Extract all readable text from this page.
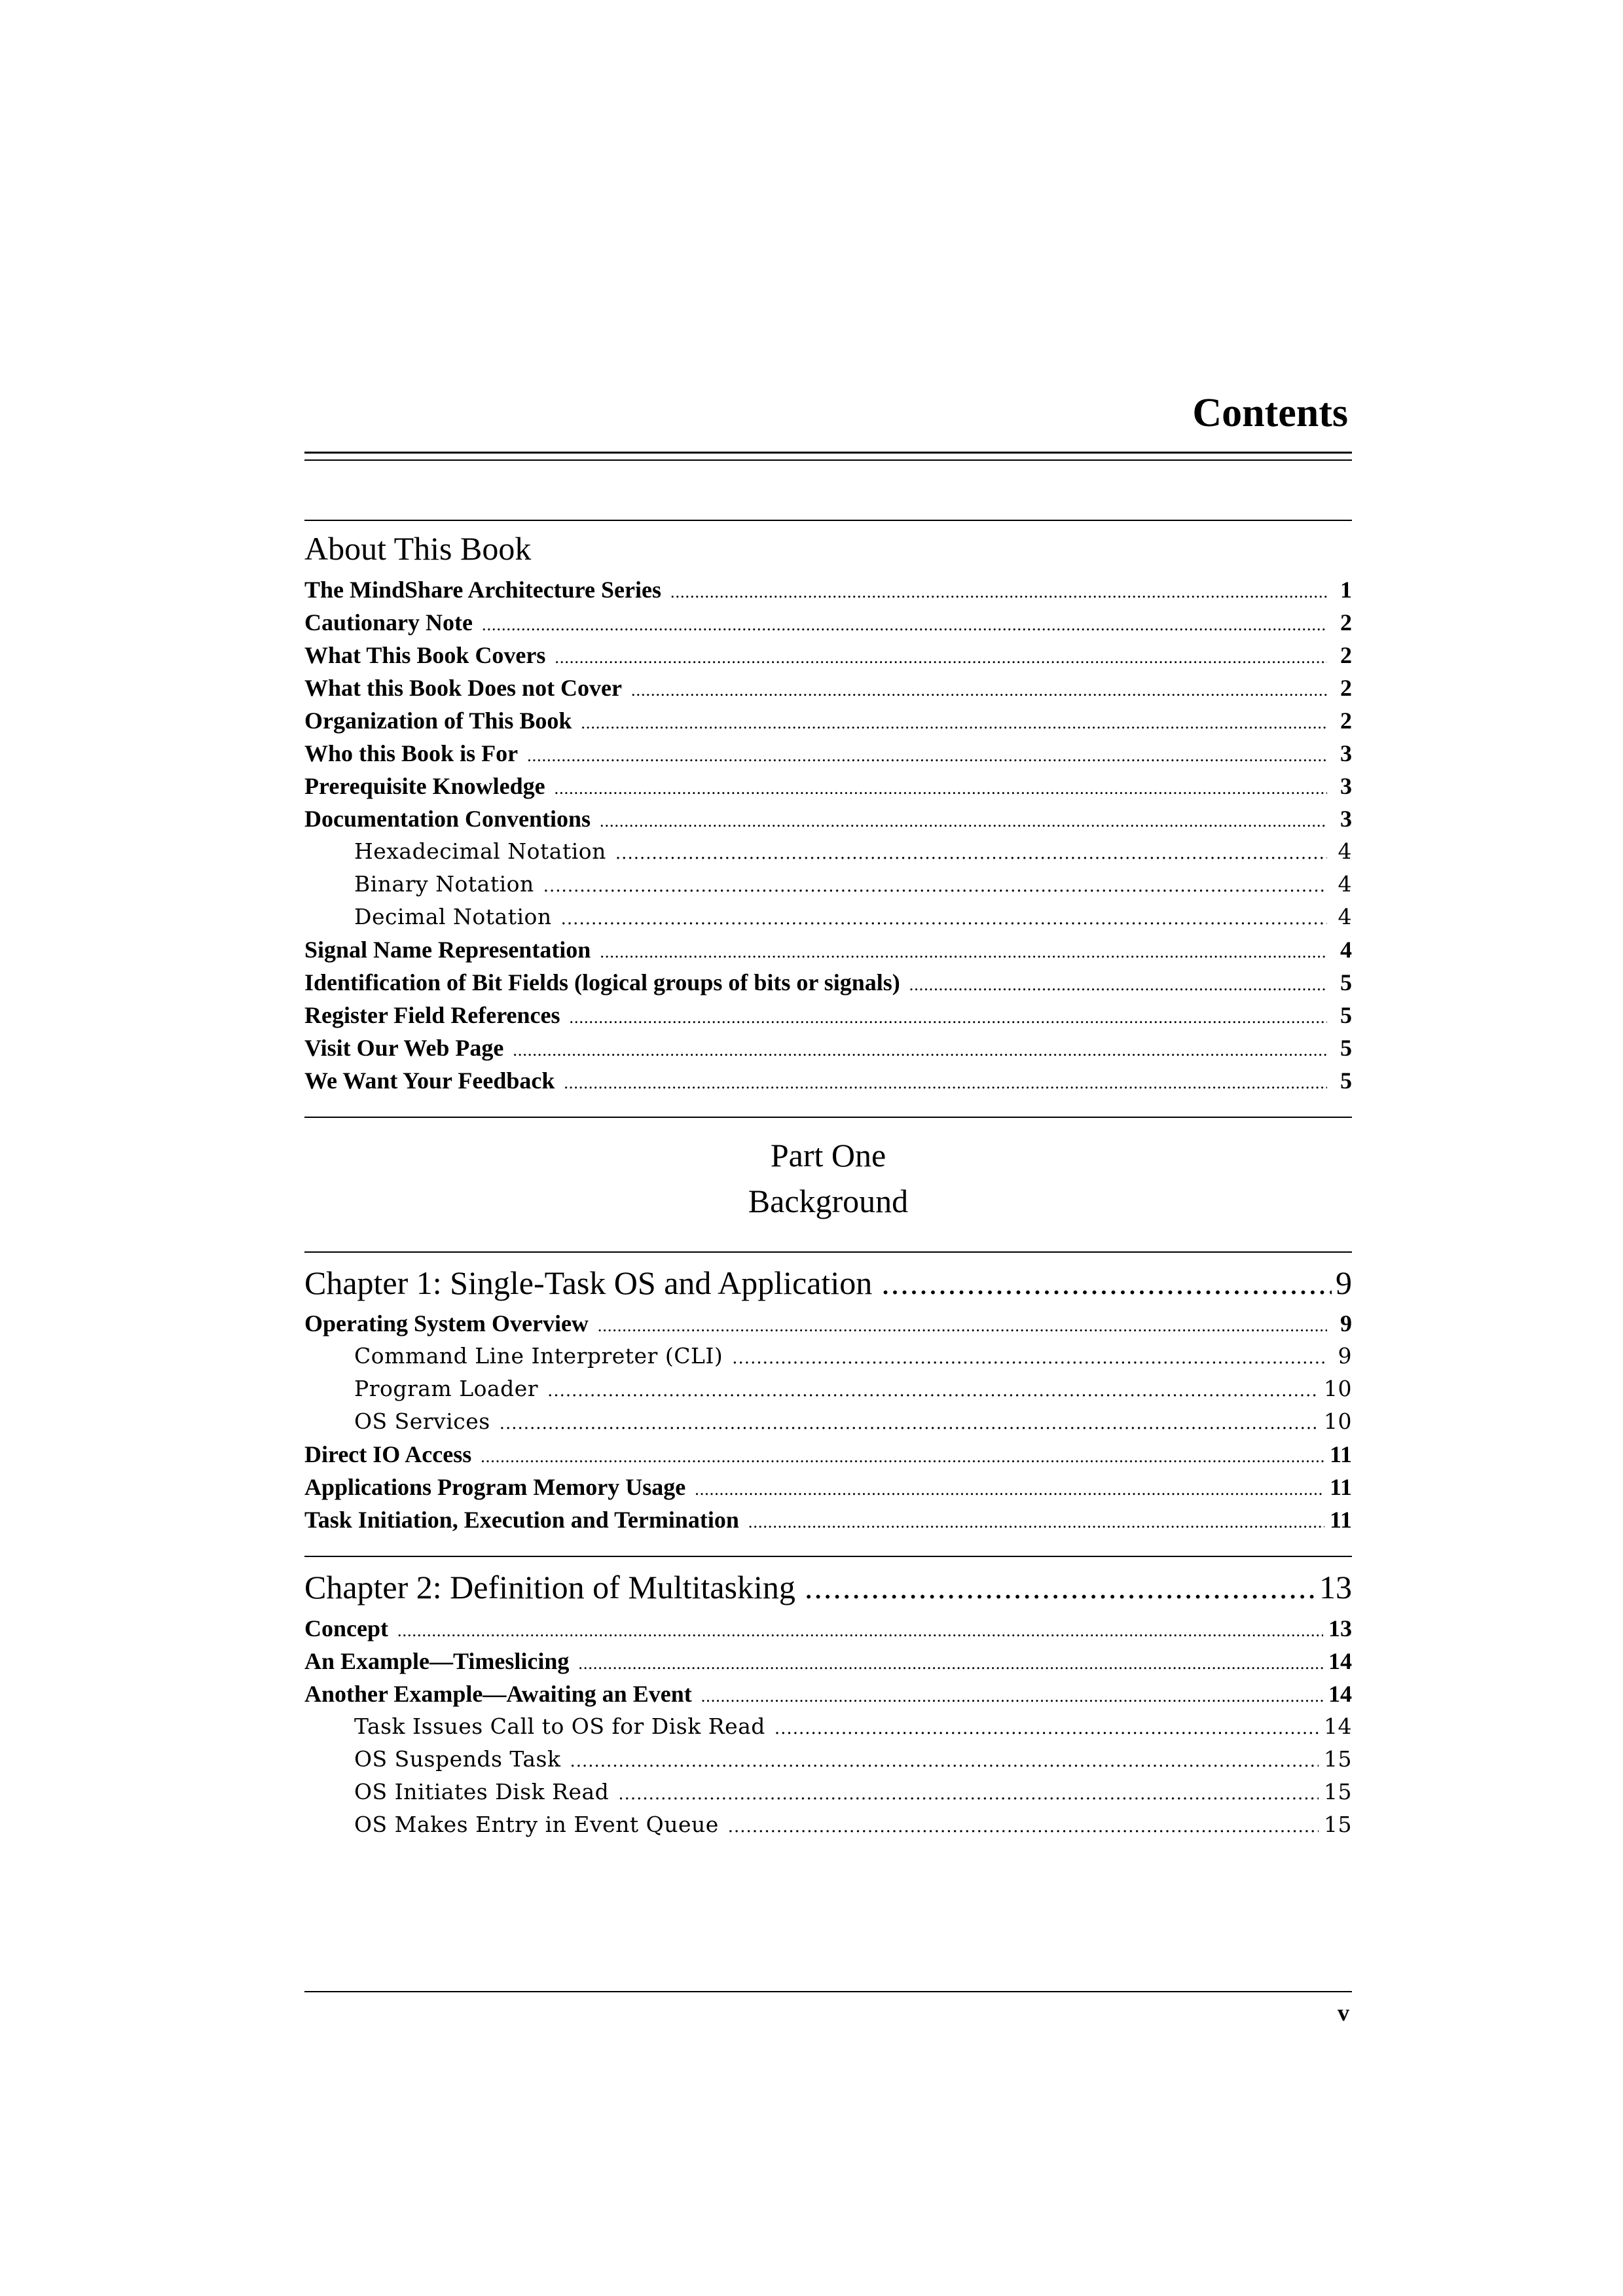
Contents
About This Book
The MindShare Architecture Series .....	1
Cautionary Note .....	2
What This Book Covers .....	2
What this Book Does not Cover .....	2
Organization of This Book .....	2
Who this Book is For .....	3
Prerequisite Knowledge .....	3
Documentation Conventions .....	3
Hexadecimal Notation .....	4
Binary Notation .....	4
Decimal Notation .....	4
Signal Name Representation .....	4
Identification of Bit Fields (logical groups of bits or signals) .....	5
Register Field References .....	5
Visit Our Web Page .....	5
We Want Your Feedback .....	5

Part One

Background

Chapter 1: Single-Task OS and Application .....	9
Operating System Overview .....	9
Command Line Interpreter (CLI) .....	9
Program Loader .....	10
OS Services .....	10
Direct IO Access .....	11
Applications Program Memory Usage .....	11
Task Initiation, Execution and Termination .....	11
Chapter 2: Definition of Multitasking .....	13
Concept .....	13
An Example—Timeslicing .....	14
Another Example—Awaiting an Event .....	14
Task Issues Call to OS for Disk Read .....	14
OS Suspends Task .....	15
OS Initiates Disk Read .....	15
OS Makes Entry in Event Queue .....	15
v
